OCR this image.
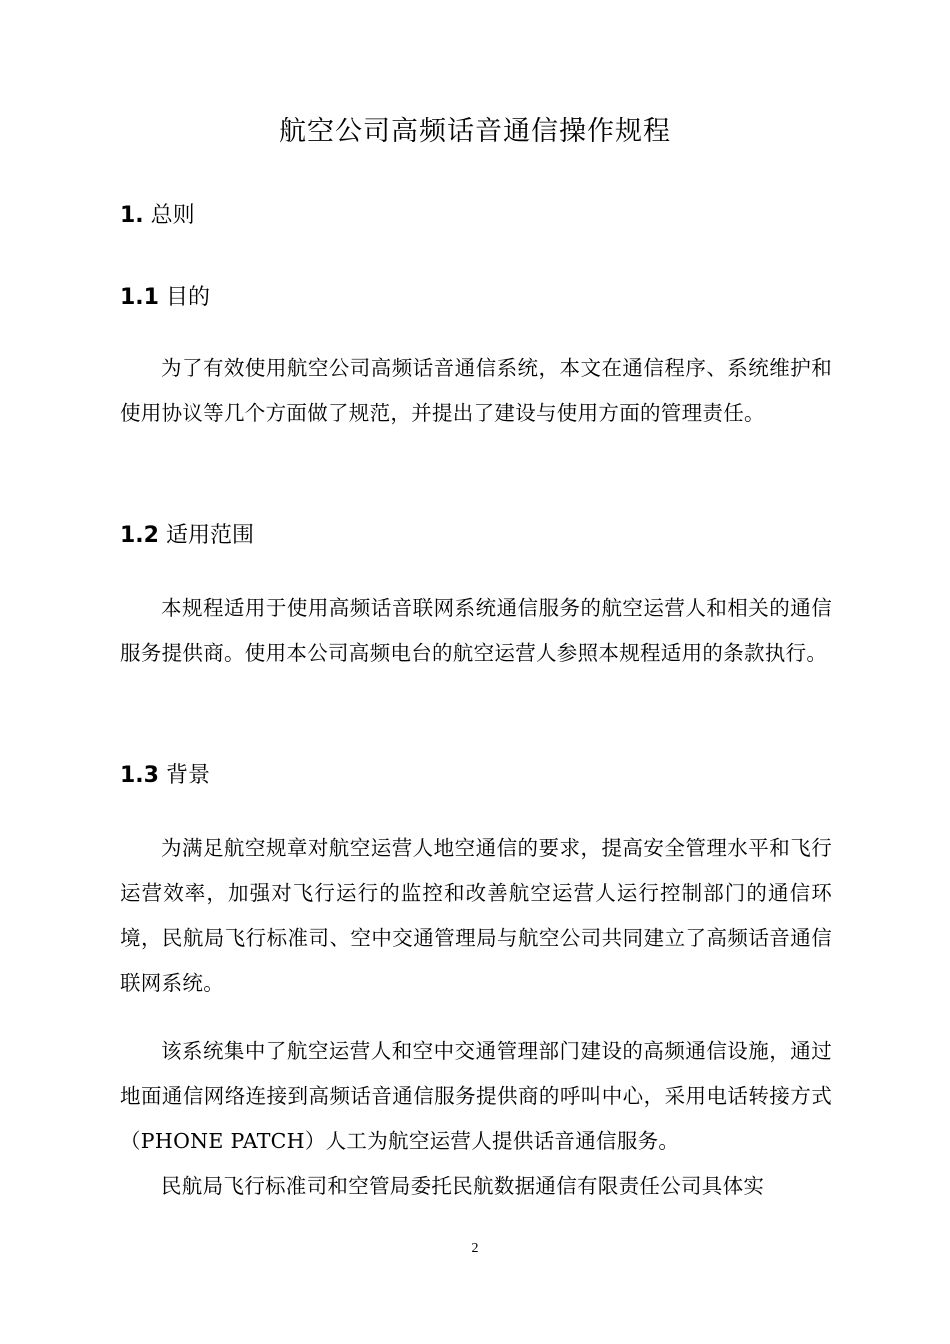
航空公司高频话音通信操作规程
1. 总则
1.1 目的
为了有效使用航空公司高频话音通信系统，本文在通信程序、系统维护和使用协议等几个方面做了规范，并提出了建设与使用方面的管理责任。
1.2 适用范围
本规程适用于使用高频话音联网系统通信服务的航空运营人和相关的通信服务提供商。使用本公司高频电台的航空运营人参照本规程适用的条款执行。
1.3 背景
为满足航空规章对航空运营人地空通信的要求，提高安全管理水平和飞行运营效率，加强对飞行运行的监控和改善航空运营人运行控制部门的通信环境，民航局飞行标准司、空中交通管理局与航空公司共同建立了高频话音通信联网系统。
该系统集中了航空运营人和空中交通管理部门建设的高频通信设施，通过地面通信网络连接到高频话音通信服务提供商的呼叫中心，采用电话转接方式（PHONE PATCH）人工为航空运营人提供话音通信服务。
民航局飞行标准司和空管局委托民航数据通信有限责任公司具体实
2
